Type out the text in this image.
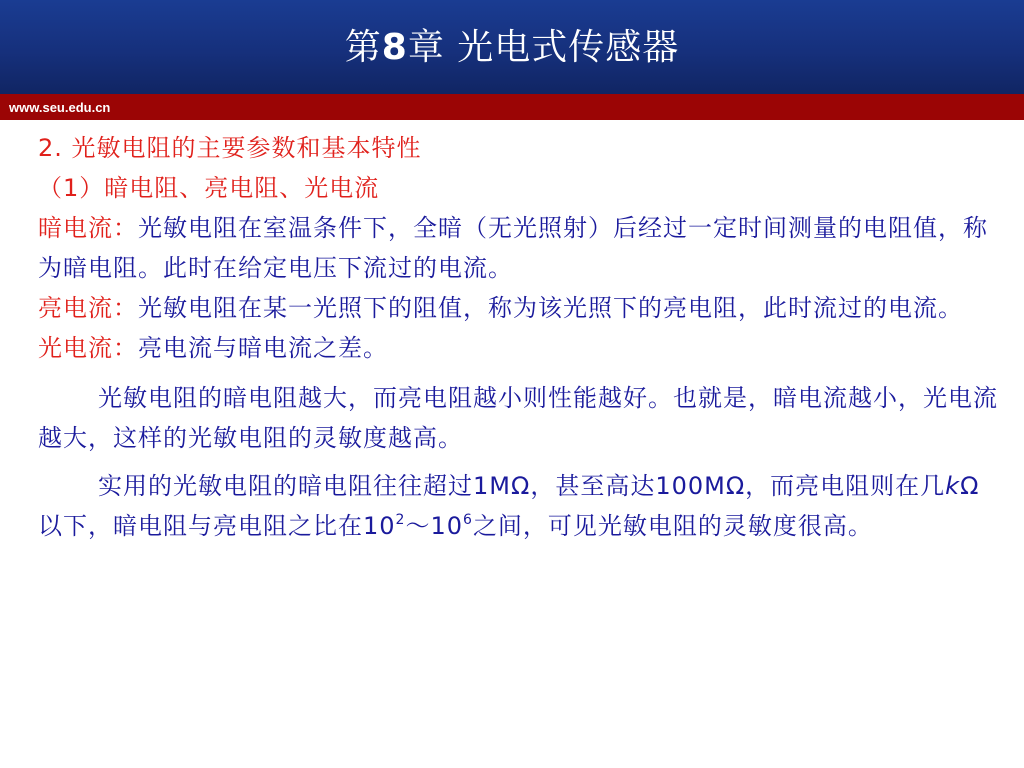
第8章 光电式传感器
www.seu.edu.cn

2. 光敏电阻的主要参数和基本特性

（1）暗电阻、亮电阻、光电流

暗电流：光敏电阻在室温条件下，全暗（无光照射）后经过一定时间测量的电阻值，称为暗电阻。此时在给定电压下流过的电流。

亮电流：光敏电阻在某一光照下的阻值，称为该光照下的亮电阻，此时流过的电流。

光电流：亮电流与暗电流之差。

光敏电阻的暗电阻越大，而亮电阻越小则性能越好。也就是，暗电流越小，光电流越大，这样的光敏电阻的灵敏度越高。

实用的光敏电阻的暗电阻往往超过1MΩ，甚至高达100MΩ，而亮电阻则在几kΩ以下，暗电阻与亮电阻之比在$10^2\sim 10^6$之间，可见光敏电阻的灵敏度很高。
